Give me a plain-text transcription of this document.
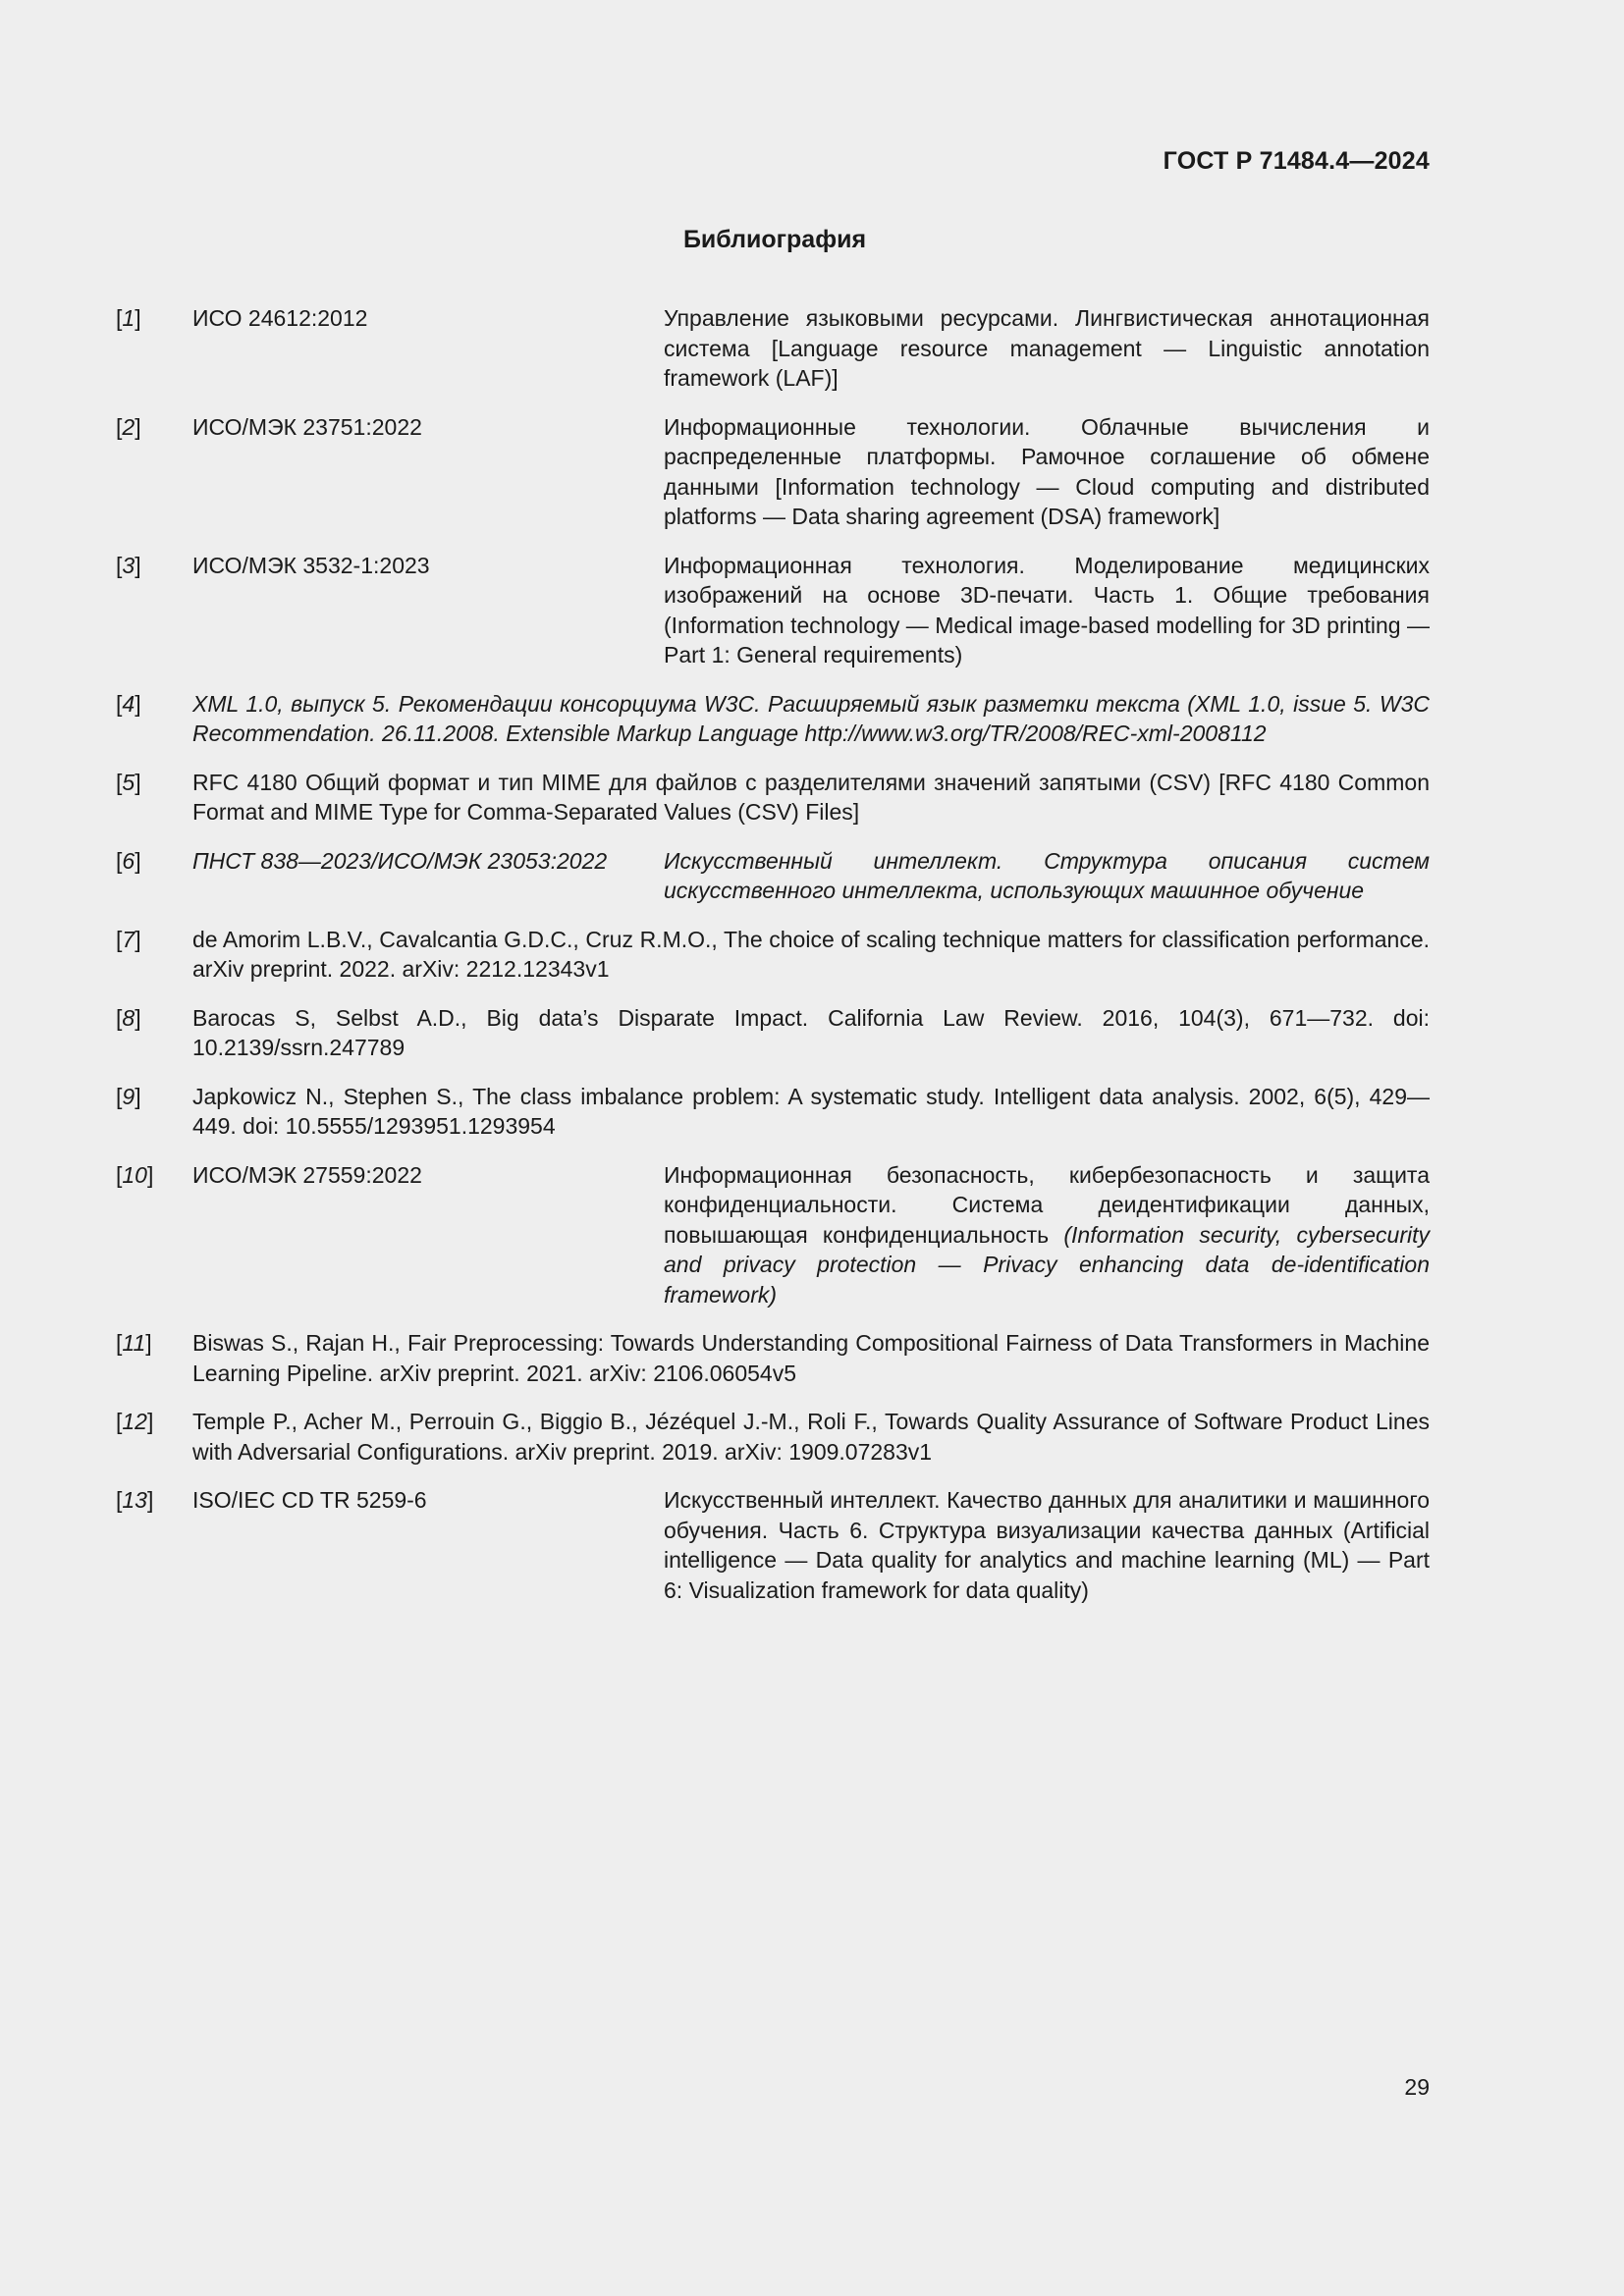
ГОСТ Р 71484.4—2024
Библиография
[1]	ИСО 24612:2012	Управление языковыми ресурсами. Лингвистическая аннотационная система [Language resource management — Linguistic annotation framework (LAF)]
[2]	ИСО/МЭК 23751:2022	Информационные технологии. Облачные вычисления и распределенные платформы. Рамочное соглашение об обмене данными [Information technology — Cloud computing and distributed platforms — Data sharing agreement (DSA) framework]
[3]	ИСО/МЭК 3532-1:2023	Информационная технология. Моделирование медицинских изображений на основе 3D-печати. Часть 1. Общие требования (Information technology — Medical image-based modelling for 3D printing — Part 1: General requirements)
[4]	XML 1.0, выпуск 5. Рекомендации консорциума W3C. Расширяемый язык разметки текста (XML 1.0, issue 5. W3C Recommendation. 26.11.2008. Extensible Markup Language http://www.w3.org/TR/2008/REC-xml-2008112
[5]	RFC 4180 Общий формат и тип MIME для файлов с разделителями значений запятыми (CSV) [RFC 4180 Common Format and MIME Type for Comma-Separated Values (CSV) Files]
[6]	ПНСТ 838—2023/ИСО/МЭК 23053:2022	Искусственный интеллект. Структура описания систем искусственного интеллекта, использующих машинное обучение
[7]	de Amorim L.B.V., Cavalcantia G.D.C., Cruz R.M.O., The choice of scaling technique matters for classification performance. arXiv preprint. 2022. arXiv: 2212.12343v1
[8]	Barocas S, Selbst A.D., Big data’s Disparate Impact. California Law Review. 2016, 104(3), 671—732. doi: 10.2139/ssrn.247789
[9]	Japkowicz N., Stephen S., The class imbalance problem: A systematic study. Intelligent data analysis. 2002, 6(5), 429—449. doi: 10.5555/1293951.1293954
[10]	ИСО/МЭК 27559:2022	Информационная безопасность, кибербезопасность и защита конфиденциальности. Система деидентификации данных, повышающая конфиденциальность (Information security, cybersecurity and privacy protection — Privacy enhancing data de-identification framework)
[11]	Biswas S., Rajan H., Fair Preprocessing: Towards Understanding Compositional Fairness of Data Transformers in Machine Learning Pipeline. arXiv preprint. 2021. arXiv: 2106.06054v5
[12]	Temple P., Acher M., Perrouin G., Biggio B., Jézéquel J.-M., Roli F., Towards Quality Assurance of Software Product Lines with Adversarial Configurations. arXiv preprint. 2019. arXiv: 1909.07283v1
[13]	ISO/IEC CD TR 5259-6	Искусственный интеллект. Качество данных для аналитики и машинного обучения. Часть 6. Структура визуализации качества данных (Artificial intelligence — Data quality for analytics and machine learning (ML) — Part 6: Visualization framework for data quality)
29
